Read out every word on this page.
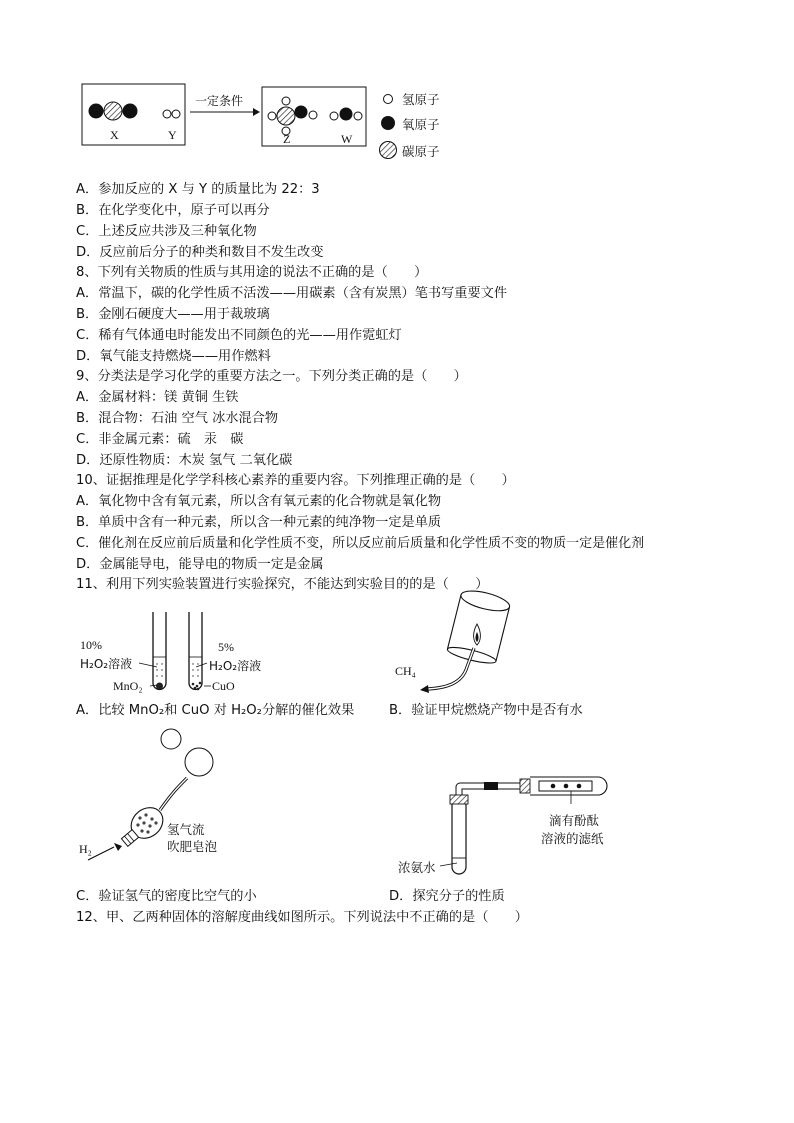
一定条件
X	Y	Z	W
氢原子
氧原子
碳原子
A．参加反应的 X 与 Y 的质量比为 22：3
B．在化学变化中，原子可以再分
C．上述反应共涉及三种氧化物
D．反应前后分子的种类和数目不发生改变
8、下列有关物质的性质与其用途的说法不正确的是（　　）
A．常温下，碳的化学性质不活泼——用碳素（含有炭黑）笔书写重要文件
B．金刚石硬度大——用于裁玻璃
C．稀有气体通电时能发出不同颜色的光——用作霓虹灯
D．氧气能支持燃烧——用作燃料
9、分类法是学习化学的重要方法之一。下列分类正确的是（　　）
A．金属材料：镁 黄铜 生铁
B．混合物：石油 空气 冰水混合物
C．非金属元素：硫　汞　碳
D．还原性物质：木炭 氢气 二氧化碳
10、证据推理是化学学科核心素养的重要内容。下列推理正确的是（　　）
A．氧化物中含有氧元素，所以含有氧元素的化合物就是氧化物
B．单质中含有一种元素，所以含一种元素的纯净物一定是单质
C．催化剂在反应前后质量和化学性质不变，所以反应前后质量和化学性质不变的物质一定是催化剂
D．金属能导电，能导电的物质一定是金属
11、利用下列实验装置进行实验探究，不能达到实验目的的是（　　）
10%
H₂O₂溶液
5%
H₂O₂溶液
MnO₂	CuO
CH₄
A．比较 MnO₂和 CuO 对 H₂O₂分解的催化效果	B．验证甲烷燃烧产物中是否有水
H₂
氢气流
吹肥皂泡
滴有酚酞
溶液的滤纸
浓氨水
C．验证氢气的密度比空气的小	D．探究分子的性质
12、甲、乙两种固体的溶解度曲线如图所示。下列说法中不正确的是（　　）
